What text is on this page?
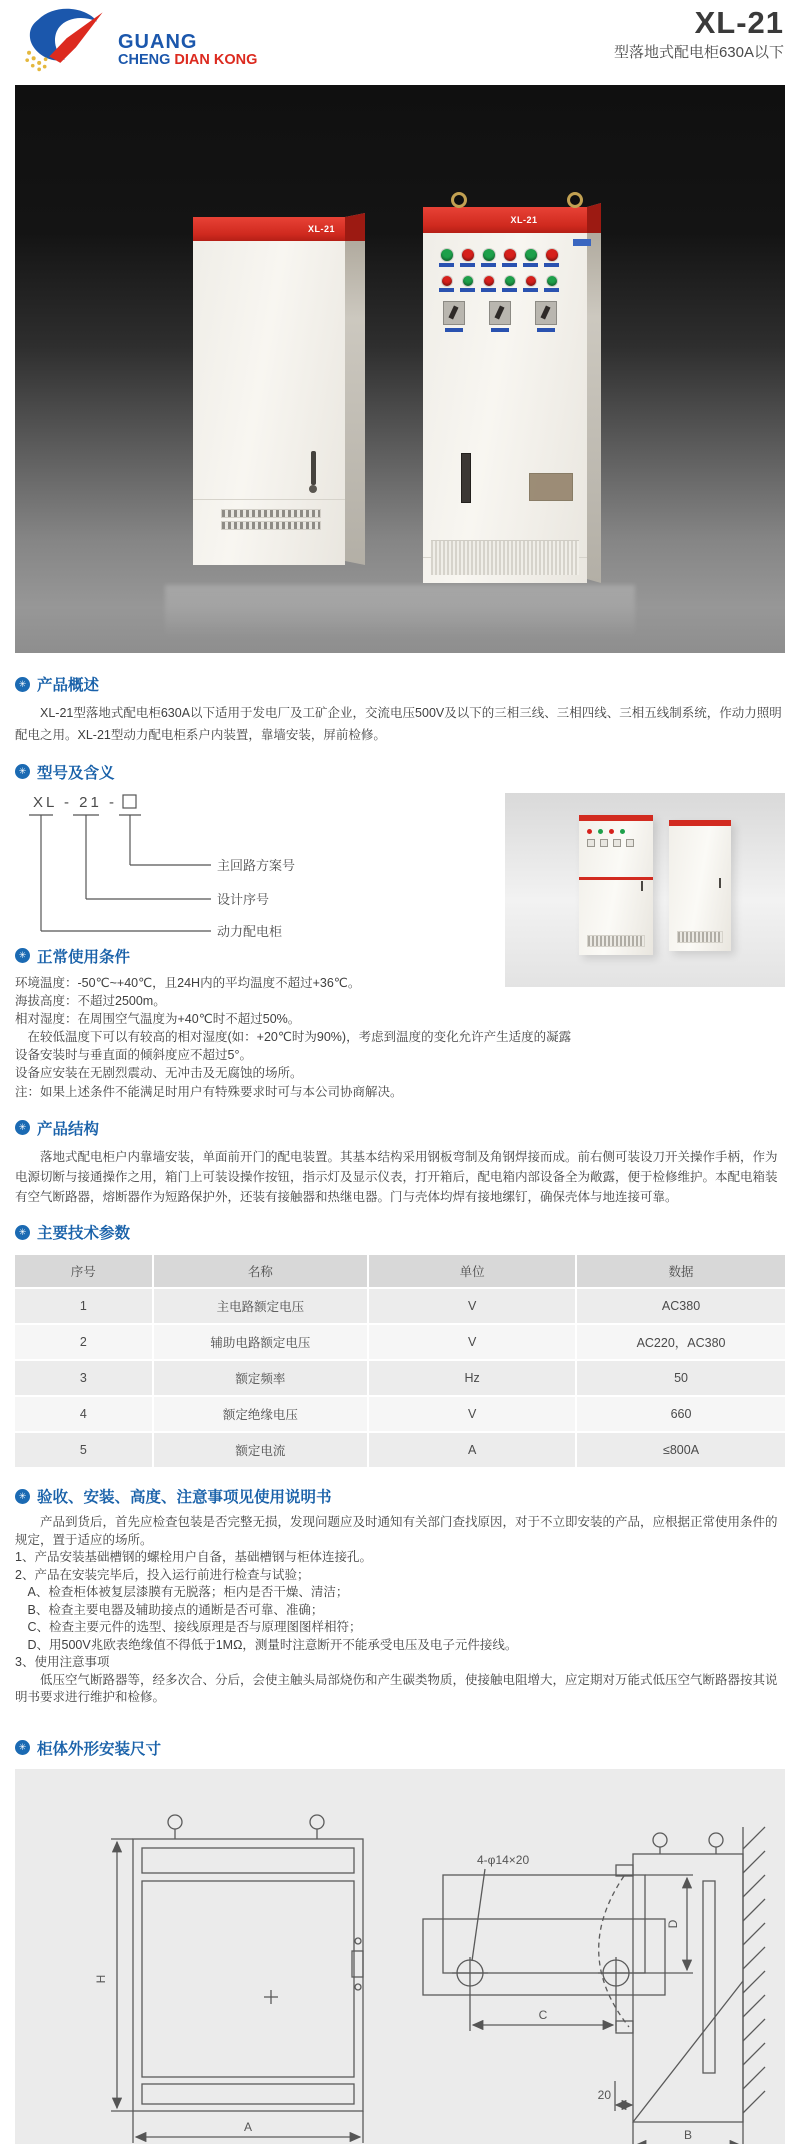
GUANG
CHENG DIAN KONG
XL-21
型落地式配电柜630A以下
XL-21
XL-21
✳ 产品概述
XL-21型落地式配电柜630A以下适用于发电厂及工矿企业，交流电压500V及以下的三相三线、三相四线、三相五线制系统，作动力照明配电之用。XL-21型动力配电柜系户内装置，靠墙安装，屏前检修。
✳ 型号及含义
XL - 21 -
主回路方案号
设计序号
动力配电柜
✳ 正常使用条件
环境温度：-50℃~+40℃，且24H内的平均温度不超过+36℃。
海拔高度：不超过2500m。
相对湿度：在周围空气温度为+40℃时不超过50%。
　在较低温度下可以有较高的相对湿度(如：+20℃时为90%)，考虑到温度的变化允许产生适度的凝露
设备安装时与垂直面的倾斜度应不超过5°。
设备应安装在无剧烈震动、无冲击及无腐蚀的场所。
注：如果上述条件不能满足时用户有特殊要求时可与本公司协商解决。
✳ 产品结构
落地式配电柜户内靠墙安装，单面前开门的配电装置。其基本结构采用钢板弯制及角钢焊接而成。前右侧可装设刀开关操作手柄，作为电源切断与接通操作之用，箱门上可装设操作按钮，指示灯及显示仪表，打开箱后，配电箱内部设备全为敞露，便于检修维护。本配电箱装有空气断路器，熔断器作为短路保护外，还装有接触器和热继电器。门与壳体均焊有接地缧钉，确保壳体与地连接可靠。
✳ 主要技术参数
序号	名称	单位	数据
1	主电路额定电压	V	AC380
2	辅助电路额定电压	V	AC220，AC380
3	额定频率	Hz	50
4	额定绝缘电压	V	660
5	额定电流	A	≤800A
✳ 验收、安装、高度、注意事项见使用说明书
　　产品到货后，首先应检查包装是否完整无损，发现问题应及时通知有关部门查找原因，对于不立即安装的产品，应根据正常使用条件的规定，置于适应的场所。
1、产品安装基础槽钢的螺栓用户自备，基础槽钢与柜体连接孔。
2、产品在安装完毕后，投入运行前进行检查与试验；
　A、检查柜体被复层漆膜有无脱落；柜内是否干燥、清洁；
　B、检查主要电器及辅助接点的通断是否可靠、准确；
　C、检查主要元件的选型、接线原理是否与原理图图样相符；
　D、用500V兆欧表绝缘值不得低于1MΩ，测量时注意断开不能承受电压及电子元件接线。
3、使用注意事项
　　低压空气断路器等，经多次合、分后，会使主触头局部烧伤和产生碳类物质，使接触电阻增大，应定期对万能式低压空气断路器按其说明书要求进行维护和检修。
✳ 柜体外形安装尺寸
H
A
4-φ14×20
C
D
20
B
